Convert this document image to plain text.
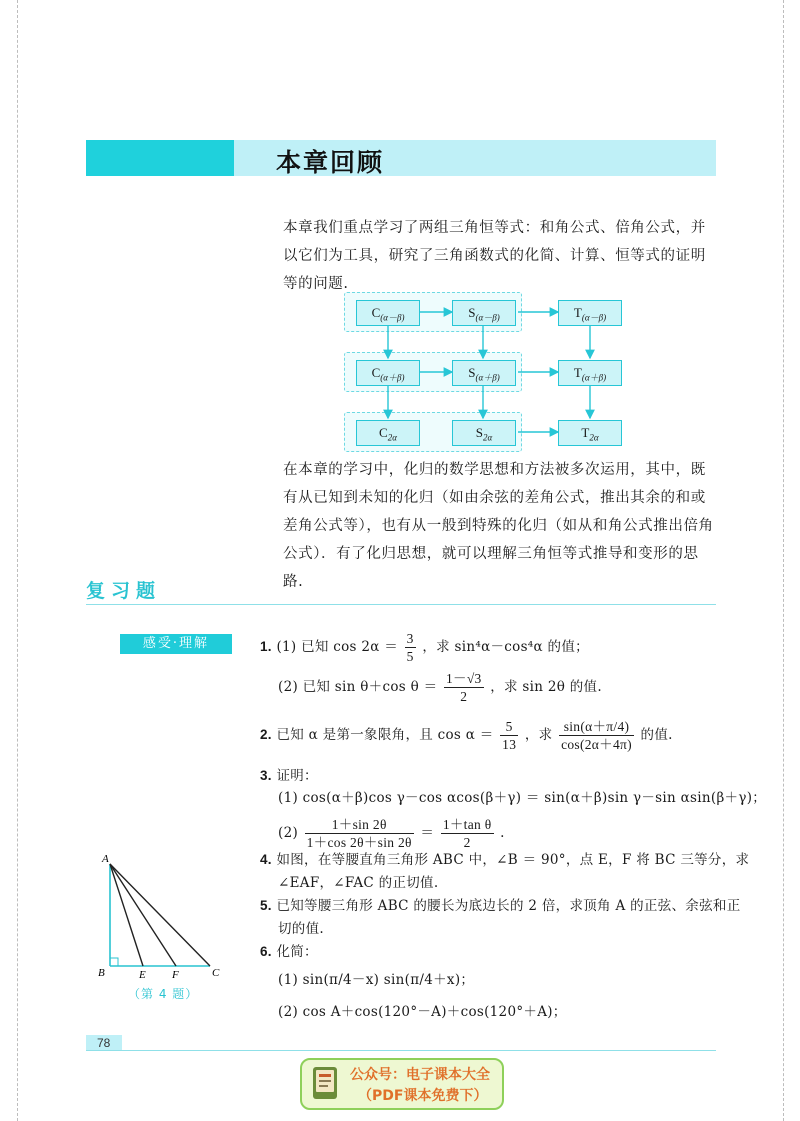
本章回顾
本章我们重点学习了两组三角恒等式：和角公式、倍角公式，并以它们为工具，研究了三角函数式的化简、计算、恒等式的证明等的问题.
$C_{(\alpha-\beta)}$	$S_{(\alpha-\beta)}$	$T_{(\alpha-\beta)}$
$C_{(\alpha+\beta)}$	$S_{(\alpha+\beta)}$	$T_{(\alpha+\beta)}$
$C_{2\alpha}$	$S_{2\alpha}$	$T_{2\alpha}$
在本章的学习中，化归的数学思想和方法被多次运用，其中，既有从已知到未知的化归（如由余弦的差角公式，推出其余的和或差角公式等），也有从一般到特殊的化归（如从和角公式推出倍角公式）．有了化归思想，就可以理解三角恒等式推导和变形的思路.
复习题
感受·理解	1. (1) 已知 $\cos 2\alpha = \frac{3}{5}$ ，求 sin⁴α－cos⁴α 的值；
(2) 已知 sin θ＋cos $\theta = \frac{1-√3}{2}$ ，求 sin 2θ 的值.
2. 已知 α 是第一象限角，且 $\cos \alpha = \frac{5}{13}$ ，求 $\frac{\sin(\alpha+\pi/4)}{\cos(2\alpha+4\pi)}$ 的值.
3. 证明：
(1) cos(α＋β)cos γ－cos αcos(β＋γ) ＝ sin(α＋β)sin γ－sin αsin(β＋γ)；
$(2) \frac{1+\sin 2\theta}{1+\cos 2\theta+\sin 2\theta} = \frac{\text{1＋tan θ}}{2}$ .
4. 如图，在等腰直角三角形 ABC 中，∠B ＝ 90°，点 E，F 将 BC 三等分，求
∠EAF，∠FAC 的正切值.
5. 已知等腰三角形 ABC 的腰长为底边长的 2 倍，求顶角 A 的正弦、余弦和正
切的值.
6. 化简：
(1) sin(π/4－x) sin(π/4＋x)；
(2) cos A＋cos(120°－A)＋cos(120°＋A)；
A
B	E F	C
（第 4 题）
78
公众号：电子课本大全
（PDF课本免费下）
